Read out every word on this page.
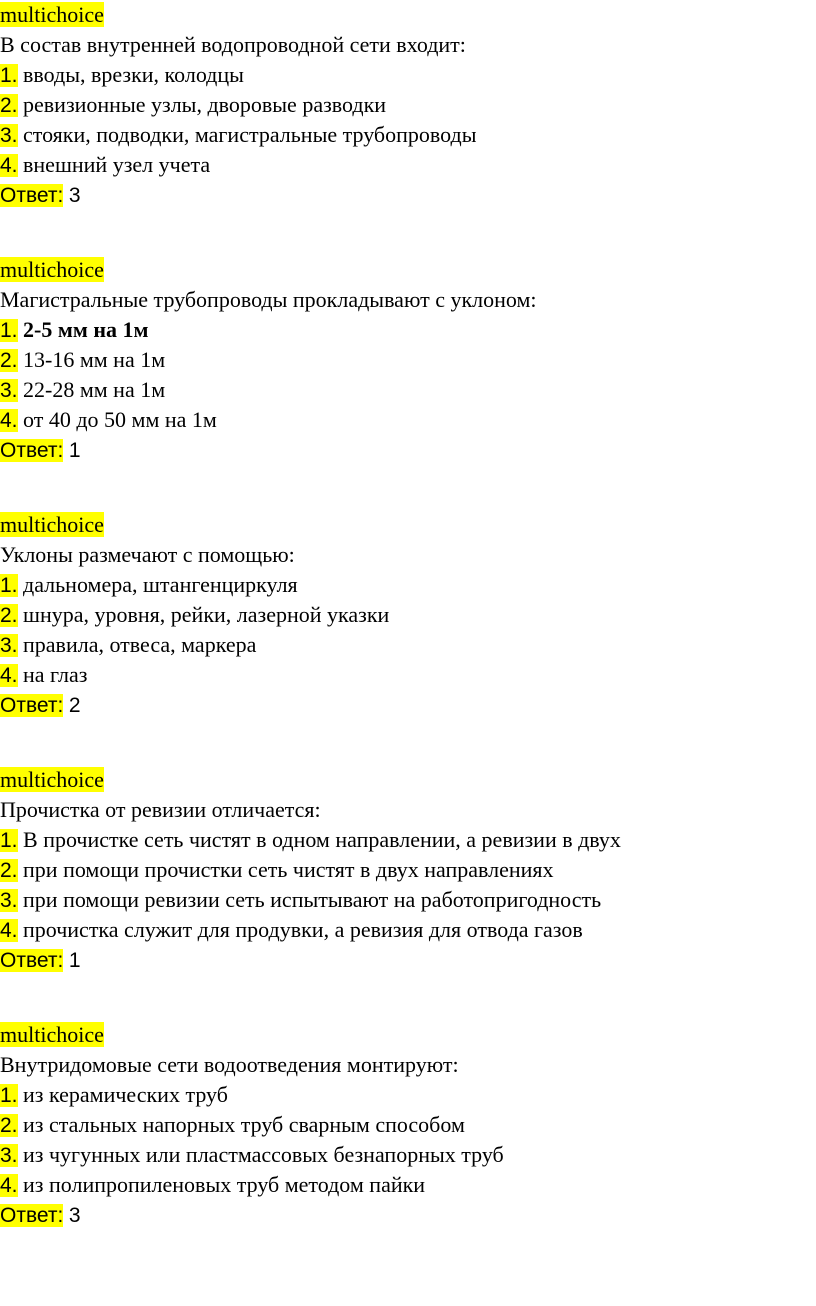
multichoice
В состав внутренней водопроводной сети входит:
1. вводы, врезки, колодцы
2. ревизионные узлы, дворовые разводки
3. стояки, подводки, магистральные трубопроводы
4. внешний узел учета
Ответ: 3
multichoice
Магистральные трубопроводы прокладывают с уклоном:
1. 2-5 мм на 1м
2. 13-16 мм на 1м
3. 22-28 мм на 1м
4. от 40 до 50 мм на 1м
Ответ: 1
multichoice
Уклоны размечают с помощью:
1. дальномера, штангенциркуля
2. шнура, уровня, рейки, лазерной указки
3. правила, отвеса, маркера
4. на глаз
Ответ: 2
multichoice
Прочистка от ревизии отличается:
1. В прочистке сеть чистят в одном направлении, а ревизии в двух
2. при помощи прочистки сеть чистят в двух направлениях
3. при помощи ревизии сеть испытывают на работопригодность
4. прочистка служит для продувки, а ревизия для отвода газов
Ответ: 1
multichoice
Внутридомовые сети водоотведения монтируют:
1. из керамических труб
2. из стальных напорных труб сварным способом
3. из чугунных или пластмассовых безнапорных труб
4. из полипропиленовых труб методом пайки
Ответ: 3
